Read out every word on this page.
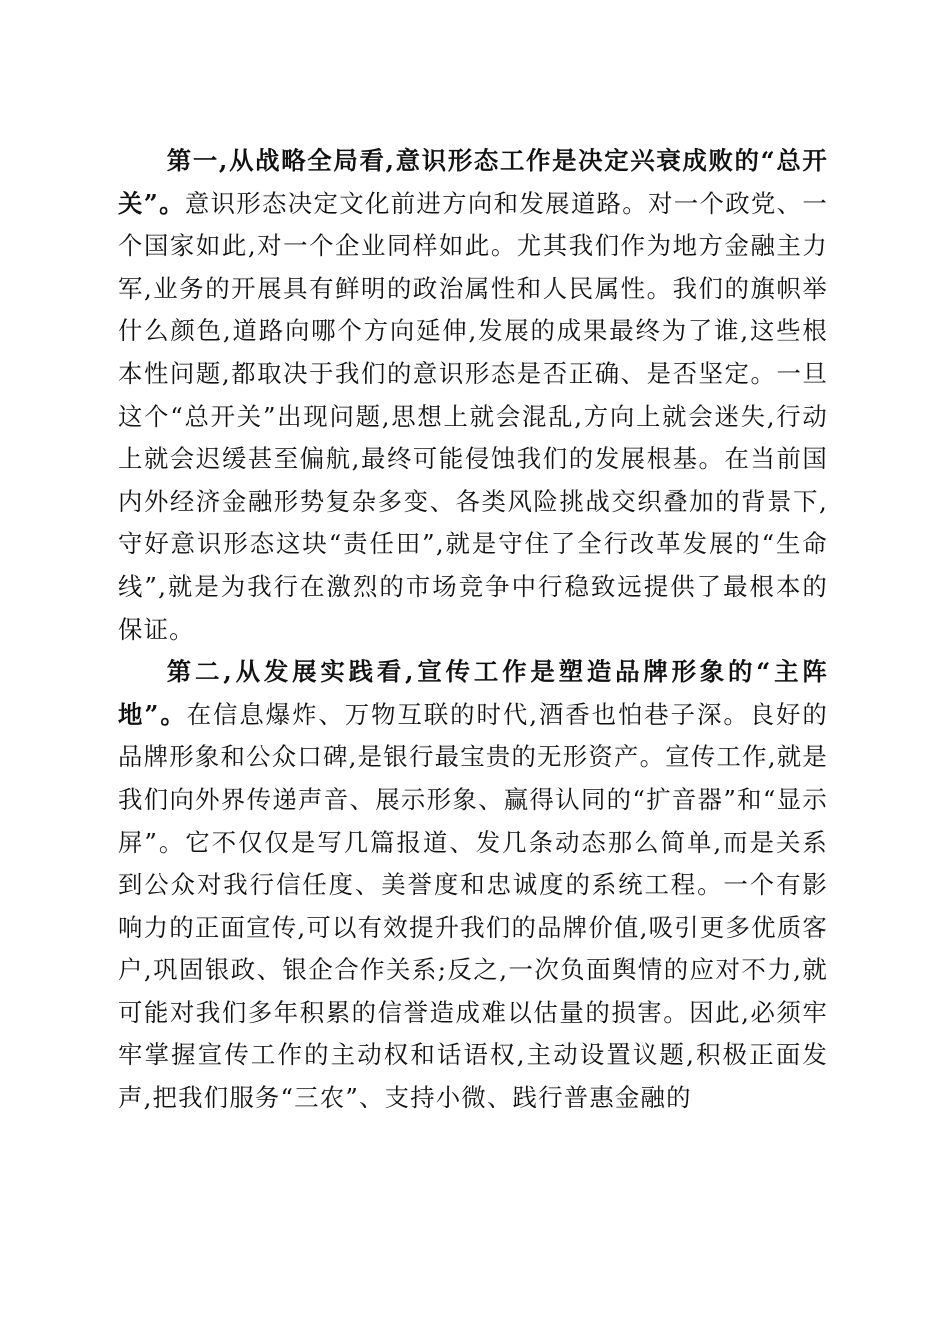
第一,从战略全局看,意识形态工作是决定兴衰成败的“总开关”。意识形态决定文化前进方向和发展道路。对一个政党、一个国家如此,对一个企业同样如此。尤其我们作为地方金融主力军,业务的开展具有鲜明的政治属性和人民属性。我们的旗帜举什么颜色,道路向哪个方向延伸,发展的成果最终为了谁,这些根本性问题,都取决于我们的意识形态是否正确、是否坚定。一旦这个“总开关”出现问题,思想上就会混乱,方向上就会迷失,行动上就会迟缓甚至偏航,最终可能侵蚀我们的发展根基。在当前国内外经济金融形势复杂多变、各类风险挑战交织叠加的背景下,守好意识形态这块“责任田”,就是守住了全行改革发展的“生命线”,就是为我行在激烈的市场竞争中行稳致远提供了最根本的保证。

第二,从发展实践看,宣传工作是塑造品牌形象的“主阵地”。在信息爆炸、万物互联的时代,酒香也怕巷子深。良好的品牌形象和公众口碑,是银行最宝贵的无形资产。宣传工作,就是我们向外界传递声音、展示形象、赢得认同的“扩音器”和“显示屏”。它不仅仅是写几篇报道、发几条动态那么简单,而是关系到公众对我行信任度、美誉度和忠诚度的系统工程。一个有影响力的正面宣传,可以有效提升我们的品牌价值,吸引更多优质客户,巩固银政、银企合作关系;反之,一次负面舆情的应对不力,就可能对我们多年积累的信誉造成难以估量的损害。因此,必须牢牢掌握宣传工作的主动权和话语权,主动设置议题,积极正面发声,把我们服务“三农”、支持小微、践行普惠金融的
